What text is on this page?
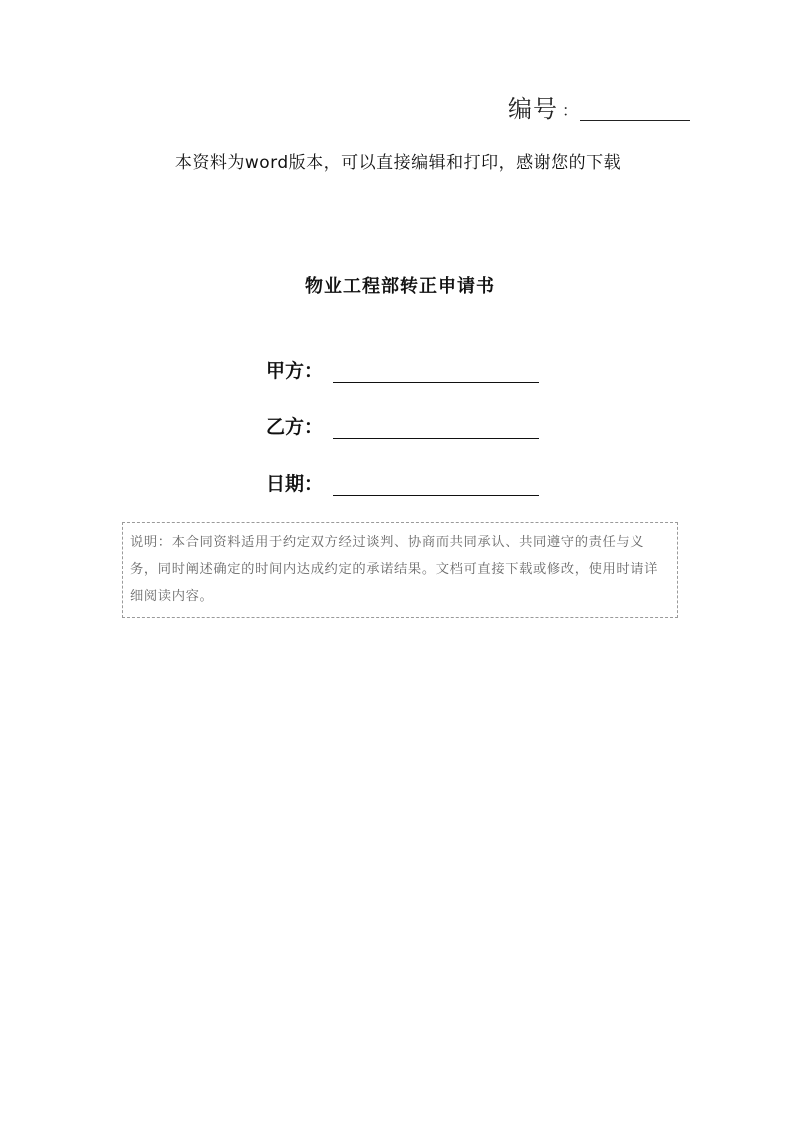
编号 ：
本资料为word版本，可以直接编辑和打印，感谢您的下载
物业工程部转正申请书
甲方：
乙方：
日期：
说明：本合同资料适用于约定双方经过谈判、协商而共同承认、共同遵守的责任与义务，同时阐述确定的时间内达成约定的承诺结果。文档可直接下载或修改，使用时请详细阅读内容。
